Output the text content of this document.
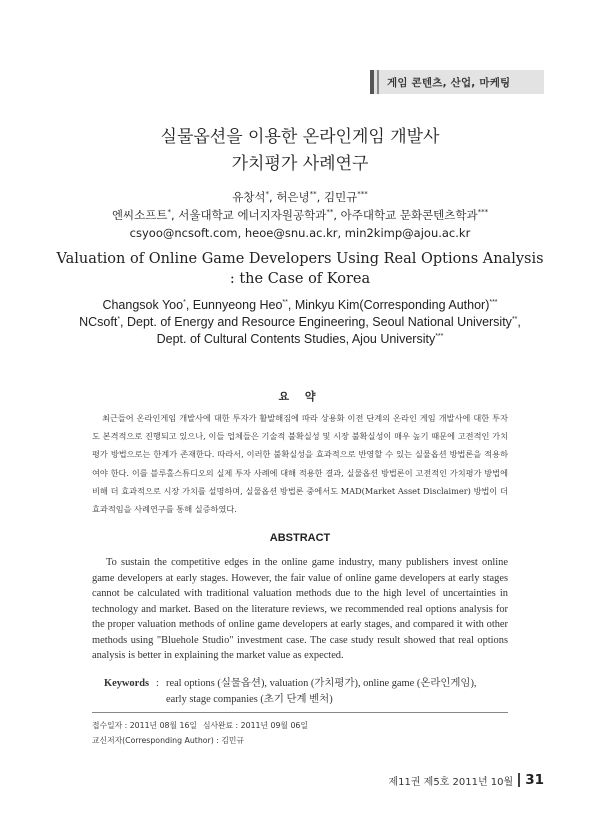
게임 콘텐츠, 산업, 마케팅
실물옵션을 이용한 온라인게임 개발사
가치평가 사례연구
유창석*, 허은녕**, 김민규***
엔씨소프트*, 서울대학교 에너지자원공학과**, 아주대학교 문화콘텐츠학과***
csyoo@ncsoft.com, heoe@snu.ac.kr, min2kimp@ajou.ac.kr
Valuation of Online Game Developers Using Real Options Analysis
: the Case of Korea
Changsok Yoo*, Eunnyeong Heo**, Minkyu Kim(Corresponding Author)***
NCsoft*, Dept. of Energy and Resource Engineering, Seoul National University**,
Dept. of Cultural Contents Studies, Ajou University***
요 약

최근들어 온라인게임 개발사에 대한 투자가 활발해짐에 따라 상용화 이전 단계의 온라인 게임 개발사에 대한 투자도 본격적으로 진행되고 있으나, 이들 업체들은 기술적 불확실성 및 시장 불확실성이 매우 높기 때문에 고전적인 가치평가 방법으로는 한계가 존재한다. 따라서, 이러한 불확실성을 효과적으로 반영할 수 있는 실물옵션 방법론을 적용하여야 한다. 이를 블루홀스튜디오의 실제 투자 사례에 대해 적용한 결과, 실물옵션 방법론이 고전적인 가치평가 방법에 비해 더 효과적으로 시장 가치를 설명하며, 실물옵션 방법론 중에서도 MAD(Market Asset Disclaimer) 방법이 더 효과적임을 사례연구를 통해 실증하였다.

ABSTRACT

To sustain the competitive edges in the online game industry, many publishers invest online game developers at early stages. However, the fair value of online game developers at early stages cannot be calculated with traditional valuation methods due to the high level of uncertainties in technology and market. Based on the literature reviews, we recommended real options analysis for the proper valuation methods of online game developers at early stages, and compared it with other methods using "Bluehole Studio" investment case. The case study result showed that real options analysis is better in explaining the market value as expected.

Keywords : real options (실물옵션), valuation (가치평가), online game (온라인게임),
early stage companies (초기 단계 벤처)
접수일자 : 2011년 08월 16일 심사완료 : 2011년 09월 06일
교신저자(Corresponding Author) : 김민규
제11권 제5호 2011년 10월 31
